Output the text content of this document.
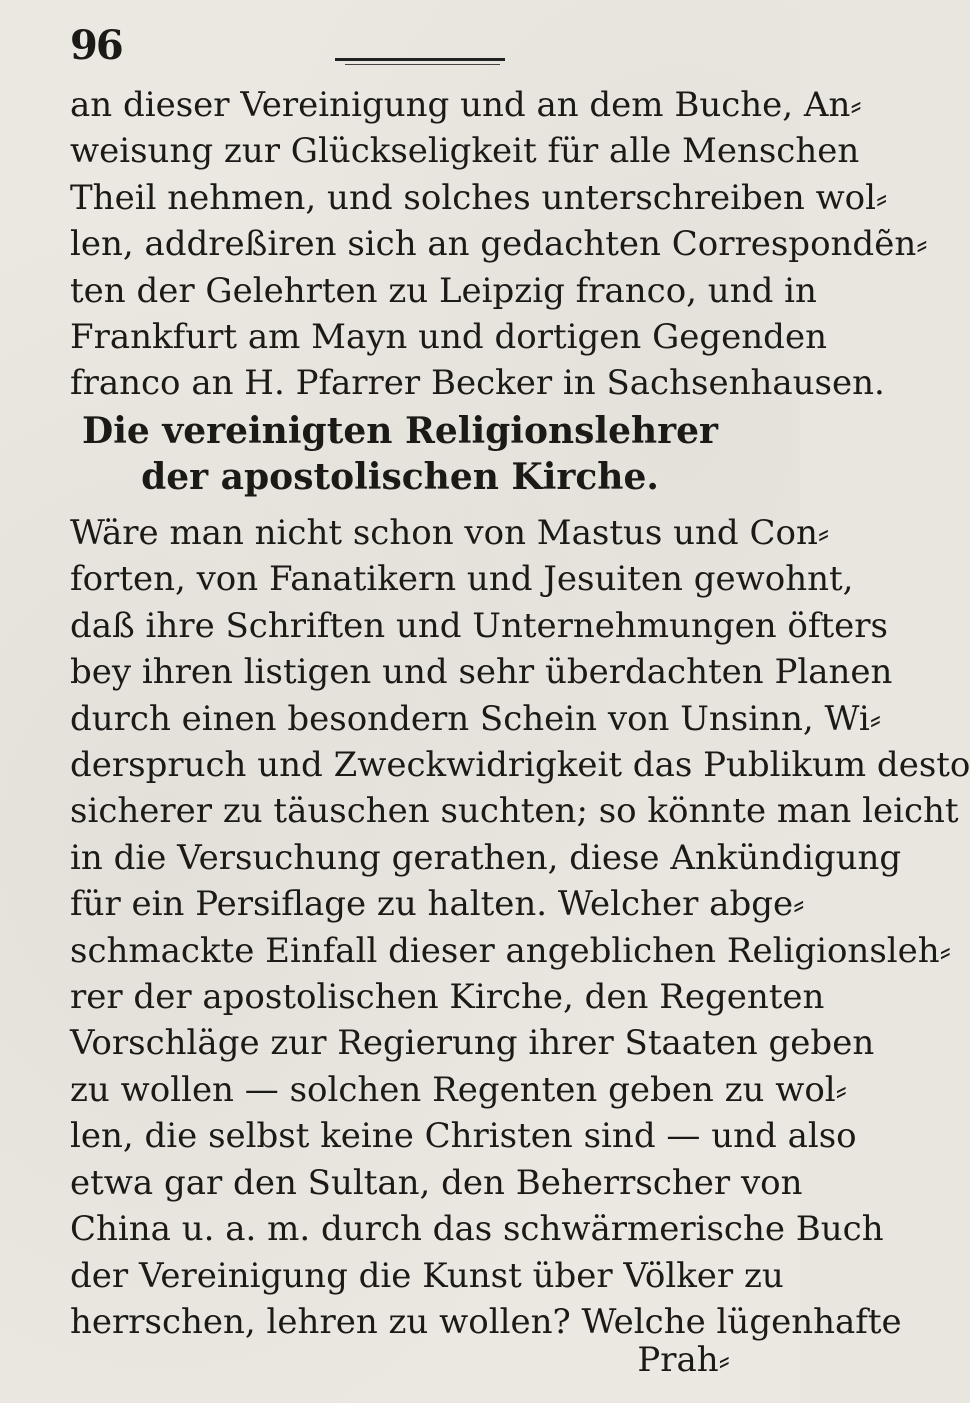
96
an dieser Vereinigung und an dem Buche, An⸗
weisung zur Glückseligkeit für alle Menschen
Theil nehmen, und solches unterschreiben wol⸗
len, addreßiren sich an gedachten Correspondẽn⸗
ten der Gelehrten zu Leipzig franco, und in
Frankfurt am Mayn und dortigen Gegenden
franco an H. Pfarrer Becker in Sachsenhausen.
Die vereinigten Religionslehrer
der apostolischen Kirche.
Wäre man nicht schon von Mastus und Con⸗
forten, von Fanatikern und Jesuiten gewohnt,
daß ihre Schriften und Unternehmungen öfters
bey ihren listigen und sehr überdachten Planen
durch einen besondern Schein von Unsinn, Wi⸗
derspruch und Zweckwidrigkeit das Publikum desto
sicherer zu täuschen suchten; so könnte man leicht
in die Versuchung gerathen, diese Ankündigung
für ein Persiflage zu halten. Welcher abge⸗
schmackte Einfall dieser angeblichen Religionsleh⸗
rer der apostolischen Kirche, den Regenten
Vorschläge zur Regierung ihrer Staaten geben
zu wollen — solchen Regenten geben zu wol⸗
len, die selbst keine Christen sind — und also
etwa gar den Sultan, den Beherrscher von
China u. a. m. durch das schwärmerische Buch
der Vereinigung die Kunst über Völker zu
herrschen, lehren zu wollen? Welche lügenhafte
Prah⸗
